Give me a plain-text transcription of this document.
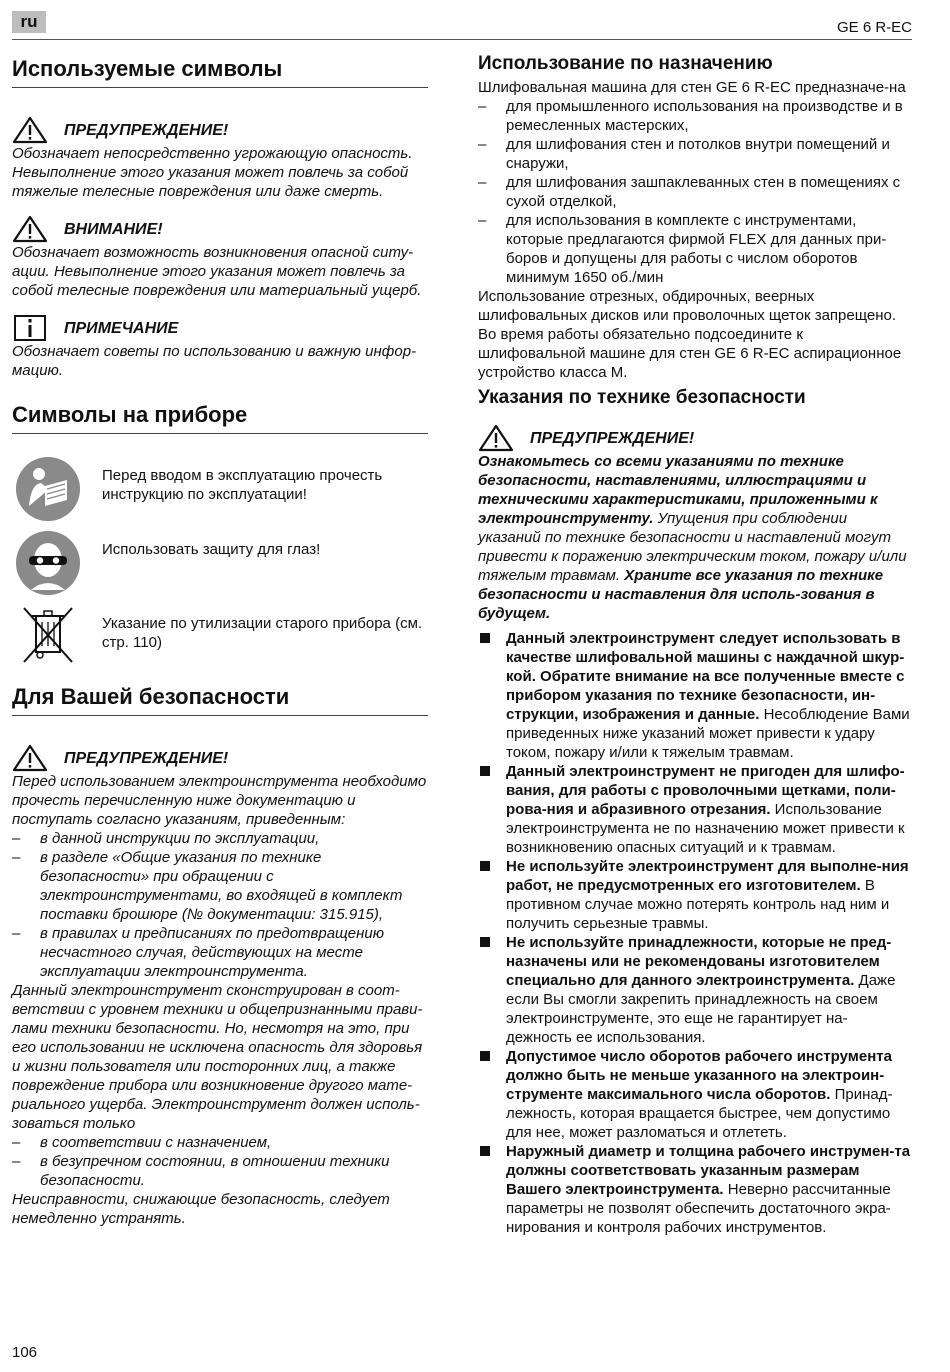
ru	GE 6 R-EC
Используемые символы
ПРЕДУПРЕЖДЕНИЕ!

Обозначает непосредственно угрожающую опасность. Невыполнение этого указания может повлечь за собой тяжелые телесные повреждения или даже смерть.

ВНИМАНИЕ!

Обозначает возможность возникновения опасной ситу-ации. Невыполнение этого указания может повлечь за собой телесные повреждения или материальный ущерб.

ПРИМЕЧАНИЕ

Обозначает советы по использованию и важную инфор-мацию.

Символы на приборе
Перед вводом в эксплуатацию прочесть инструкцию по эксплуатации!
Использовать защиту для глаз!
Указание по утилизации старого прибора (см. стр. 110)
Для Вашей безопасности
ПРЕДУПРЕЖДЕНИЕ!

Перед использованием электроинструмента необходимо прочесть перечисленную ниже документацию и поступать согласно указаниям, приведенным:

– в данной инструкции по эксплуатации,
– в разделе «Общие указания по технике безопасности» при обращении с электроинструментами, во входящей в комплект поставки брошюре (№ документации: 315.915),
– в правилах и предписаниях по предотвращению несчастного случая, действующих на месте эксплуатации электроинструмента.

Данный электроинструмент сконструирован в соот-ветствии с уровнем техники и общепризнанными прави-лами техники безопасности. Но, несмотря на это, при его использовании не исключена опасность для здоровья и жизни пользователя или посторонних лиц, а также повреждение прибора или возникновение другого мате-риального ущерба. Электроинструмент должен исполь-зоваться только

– в соответствии с назначением,
– в безупречном состоянии, в отношении техники безопасности.

Неисправности, снижающие безопасность, следует немедленно устранять.

Использование по назначению

Шлифовальная машина для стен GE 6 R-EC предназначе-на

– для промышленного использования на производстве и в ремесленных мастерских,
– для шлифования стен и потолков внутри помещений и снаружи,
– для шлифования зашпаклеванных стен в помещениях с сухой отделкой,
– для использования в комплекте с инструментами, которые предлагаются фирмой FLEX для данных при-боров и допущены для работы с числом оборотов минимум 1650 об./мин

Использование отрезных, обдирочных, веерных шлифовальных дисков или проволочных щеток запрещено. Во время работы обязательно подсоедините к шлифовальной машине для стен GE 6 R-EC аспирационное устройство класса M.

Указания по технике безопасности
ПРЕДУПРЕЖДЕНИЕ!

Ознакомьтесь со всеми указаниями по технике безопасности, наставлениями, иллюстрациями и техническими характеристиками, приложенными к электроинструменту. Упущения при соблюдении указаний по технике безопасности и наставлений могут привести к поражению электрическим током, пожару и/или тяжелым травмам. Храните все указания по технике безопасности и наставления для исполь-зования в будущем.

Данный электроинструмент следует использовать в качестве шлифовальной машины с наждачной шкур-кой. Обратите внимание на все полученные вместе с прибором указания по технике безопасности, ин-струкции, изображения и данные. Несоблюдение Вами приведенных ниже указаний может привести к удару током, пожару и/или к тяжелым травмам.
Данный электроинструмент не пригоден для шлифо-вания, для работы с проволочными щетками, поли-рова-ния и абразивного отрезания. Использование электроинструмента не по назначению может привести к возникновению опасных ситуаций и к травмам.
Не используйте электроинструмент для выполне-ния работ, не предусмотренных его изготовителем. В противном случае можно потерять контроль над ним и получить серьезные травмы.
Не используйте принадлежности, которые не пред-назначены или не рекомендованы изготовителем специально для данного электроинструмента. Даже если Вы смогли закрепить принадлежность на своем электроинструменте, это еще не гарантирует на-дежность ее использования.
Допустимое число оборотов рабочего инструмента должно быть не меньше указанного на электроин-струменте максимального числа оборотов. Принад-лежность, которая вращается быстрее, чем допустимо для нее, может разломаться и отлететь.
Наружный диаметр и толщина рабочего инструмен-та должны соответствовать указанным размерам Вашего электроинструмента. Неверно рассчитанные параметры не позволят обеспечить достаточного экра-нирования и контроля рабочих инструментов.
106
